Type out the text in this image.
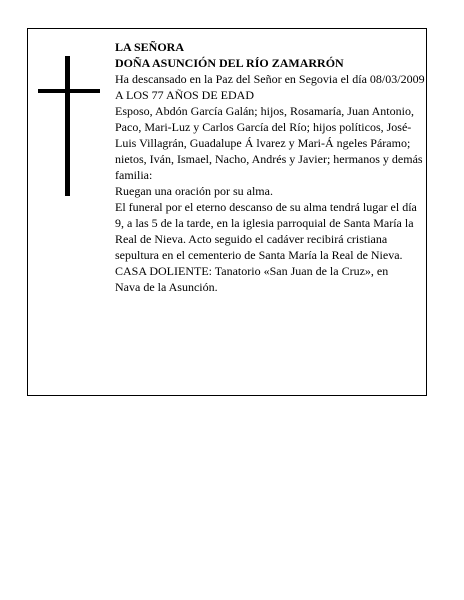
LA SEÑORA

DOÑA ASUNCIÓN DEL RÍO ZAMARRÓN

Ha descansado en la Paz del Señor en Segovia el día 08/03/2009

A LOS 77 AÑOS DE EDAD

Esposo, Abdón García Galán; hijos, Rosamaría, Juan Antonio, Paco, Mari-Luz y Carlos García del Río; hijos políticos, José-Luis Villagrán, Guadalupe Á lvarez y Mari-Á ngeles Páramo; nietos, Iván, Ismael, Nacho, Andrés y Javier; hermanos y demás familia:

Ruegan una oración por su alma.

El funeral por el eterno descanso de su alma tendrá lugar el día 9, a las 5 de la tarde, en la iglesia parroquial de Santa María la Real de Nieva. Acto seguido el cadáver recibirá cristiana sepultura en el cementerio de Santa María la Real de Nieva.

CASA DOLIENTE: Tanatorio «San Juan de la Cruz», en

Nava de la Asunción.
